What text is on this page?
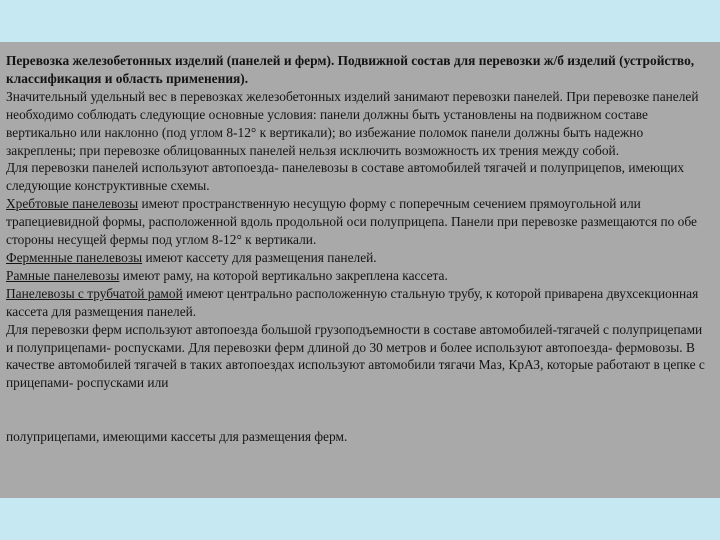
Перевозка железобетонных изделий (панелей и ферм). Подвижной состав для перевозки ж/б изделий (устройство, классификация и область применения).

Значительный удельный вес в перевозках железобетонных изделий занимают перевозки панелей. При перевозке панелей необходимо соблюдать следующие основные условия: панели должны быть установлены на подвижном составе вертикально или наклонно (под углом 8-12° к вертикали); во избежание поломок панели должны быть надежно закреплены; при перевозке облицованных панелей нельзя исключить возможность их трения между собой.

Для перевозки панелей используют автопоезда- панелевозы в составе автомобилей тягачей и полуприцепов, имеющих следующие конструктивные схемы.

Хребтовые панелевозы имеют пространственную несущую форму с поперечным сечением прямоугольной или трапециевидной формы, расположенной вдоль продольной оси полуприцепа. Панели при перевозке размещаются по обе стороны несущей фермы под углом 8-12° к вертикали.

Ферменные панелевозы имеют кассету для размещения панелей.

Рамные панелевозы имеют раму, на которой вертикально закреплена кассета.

Панелевозы с трубчатой рамой имеют центрально расположенную стальную трубу, к которой приварена двухсекционная кассета для размещения панелей.

Для перевозки ферм используют автопоезда большой грузоподъемности в составе автомобилей-тягачей с полуприцепами и полуприцепами- роспусками. Для перевозки ферм длиной до 30 метров и более используют автопоезда- фермовозы. В качестве автомобилей тягачей в таких автопоездах используют автомобили тягачи Маз, КрАЗ, которые работают в цепке с прицепами- роспусками или

полуприцепами, имеющими кассеты для размещения ферм.
